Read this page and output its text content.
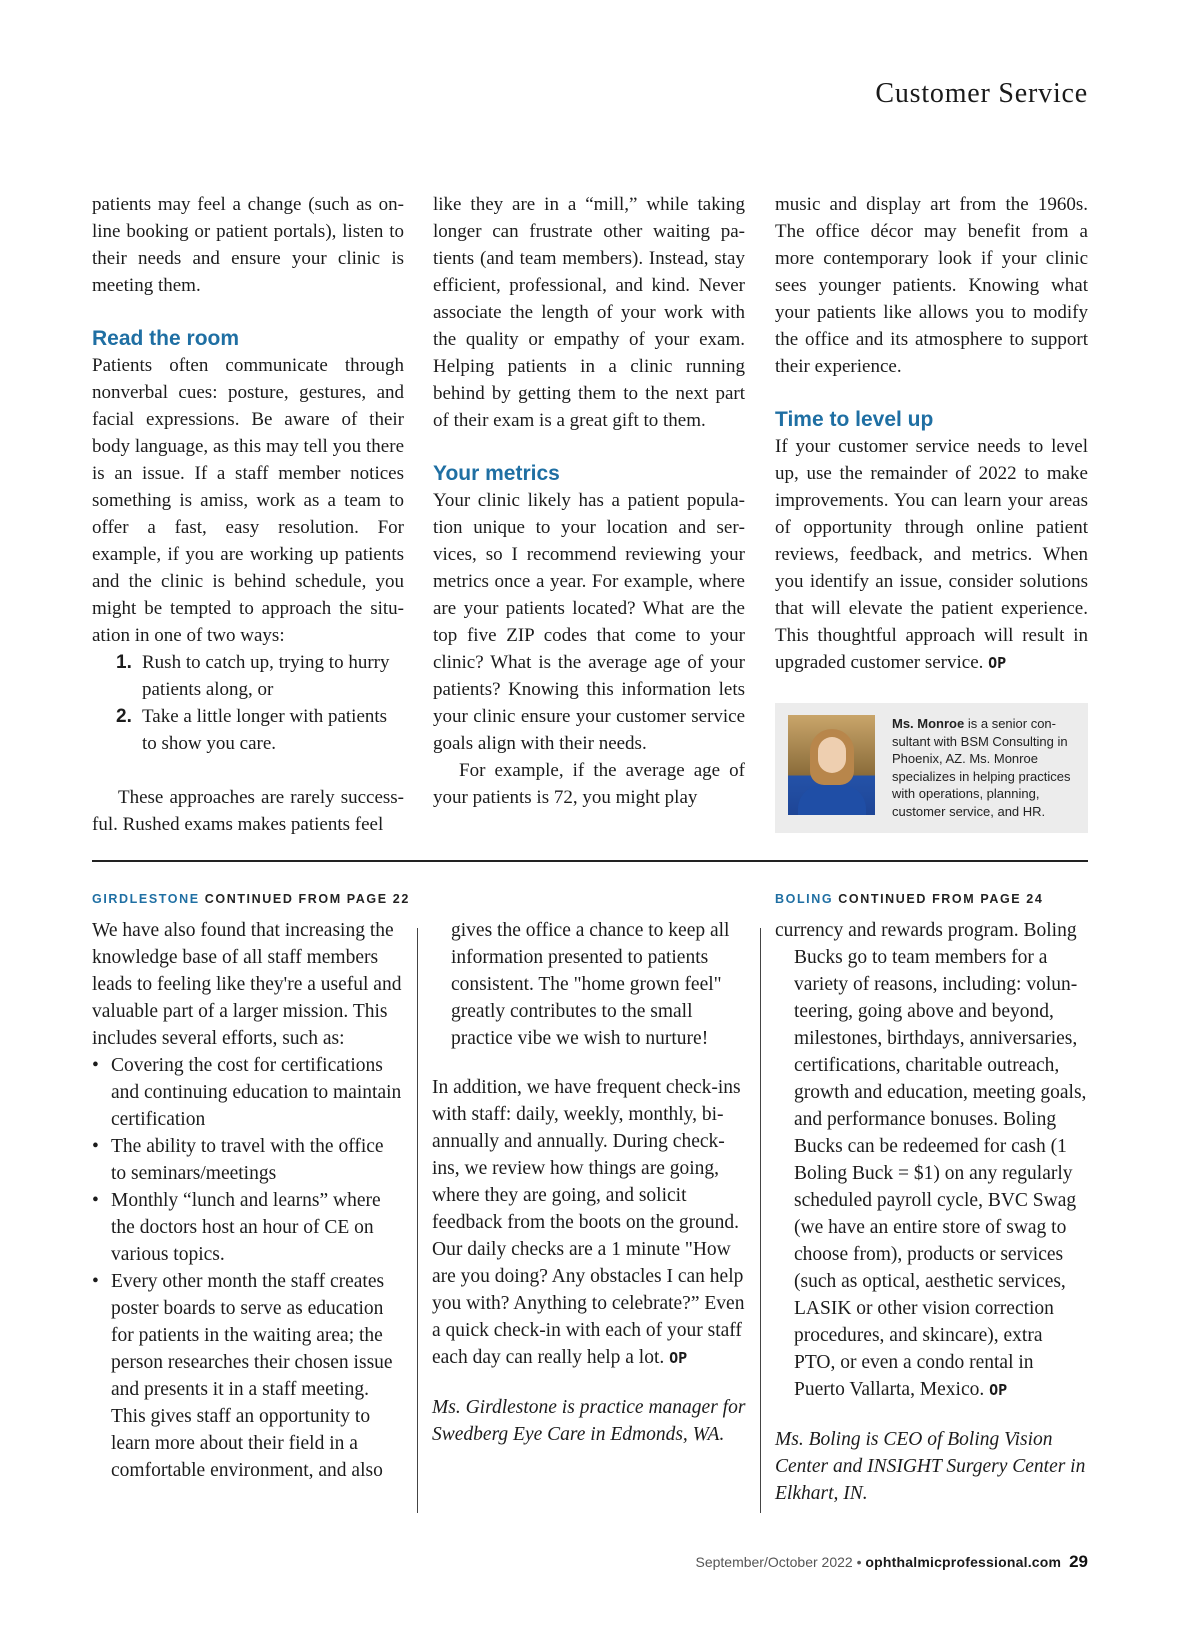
Customer Service

patients may feel a change (such as online booking or patient portals), listen to their needs and ensure your clinic is meeting them.

Read the room

Patients often communicate through nonverbal cues: posture, gestures, and facial expressions. Be aware of their body language, as this may tell you there is an issue. If a staff member notices something is amiss, work as a team to offer a fast, easy resolution. For example, if you are working up patients and the clinic is behind schedule, you might be tempted to approach the situation in one of two ways:

1. Rush to catch up, trying to hurry patients along, or
2. Take a little longer with patients to show you care.

These approaches are rarely successful. Rushed exams makes patients feel

like they are in a “mill,” while taking longer can frustrate other waiting patients (and team members). Instead, stay efficient, professional, and kind. Never associate the length of your work with the quality or empathy of your exam. Helping patients in a clinic running behind by getting them to the next part of their exam is a great gift to them.

Your metrics

Your clinic likely has a patient population unique to your location and services, so I recommend reviewing your metrics once a year. For example, where are your patients located? What are the top five ZIP codes that come to your clinic? What is the average age of your patients? Knowing this information lets your clinic ensure your customer service goals align with their needs.

For example, if the average age of your patients is 72, you might play

music and display art from the 1960s. The office décor may benefit from a more contemporary look if your clinic sees younger patients. Knowing what your patients like allows you to modify the office and its atmosphere to support their experience.

Time to level up

If your customer service needs to level up, use the remainder of 2022 to make improvements. You can learn your areas of opportunity through online patient reviews, feedback, and metrics. When you identify an issue, consider solutions that will elevate the patient experience. This thoughtful approach will result in upgraded customer service. OP

Ms. Monroe is a senior consultant with BSM Consulting in Phoenix, AZ. Ms. Monroe specializes in helping practices with operations, planning, customer service, and HR.
GIRDLESTONE CONTINUED FROM PAGE 22	BOLING CONTINUED FROM PAGE 24

We have also found that increasing the knowledge base of all staff members leads to feeling like they're a useful and valuable part of a larger mission. This includes several efforts, such as:

• Covering the cost for certifications and continuing education to maintain certification
• The ability to travel with the office to seminars/meetings
• Monthly “lunch and learns” where the doctors host an hour of CE on various topics.
• Every other month the staff creates poster boards to serve as education for patients in the waiting area; the person researches their chosen issue and presents it in a staff meeting. This gives staff an opportunity to learn more about their field in a comfortable environment, and also

gives the office a chance to keep all information presented to patients consistent. The "home grown feel" greatly contributes to the small practice vibe we wish to nurture!

In addition, we have frequent check-ins with staff: daily, weekly, monthly, bi-annually and annually. During check-ins, we review how things are going, where they are going, and solicit feedback from the boots on the ground. Our daily checks are a 1 minute "How are you doing? Any obstacles I can help you with? Anything to celebrate?” Even a quick check-in with each of your staff each day can really help a lot. OP

Ms. Girdlestone is practice manager for Swedberg Eye Care in Edmonds, WA.

currency and rewards program. Boling

Bucks go to team members for a variety of reasons, including: volunteering, going above and beyond, milestones, birthdays, anniversaries, certifications, charitable outreach, growth and education, meeting goals, and performance bonuses. Boling Bucks can be redeemed for cash (1 Boling Buck = $1) on any regularly scheduled payroll cycle, BVC Swag (we have an entire store of swag to choose from), products or services (such as optical, aesthetic services, LASIK or other vision correction procedures, and skincare), extra PTO, or even a condo rental in Puerto Vallarta, Mexico. OP

Ms. Boling is CEO of Boling Vision Center and INSIGHT Surgery Center in Elkhart, IN.

September/October 2022 • ophthalmicprofessional.com 29
